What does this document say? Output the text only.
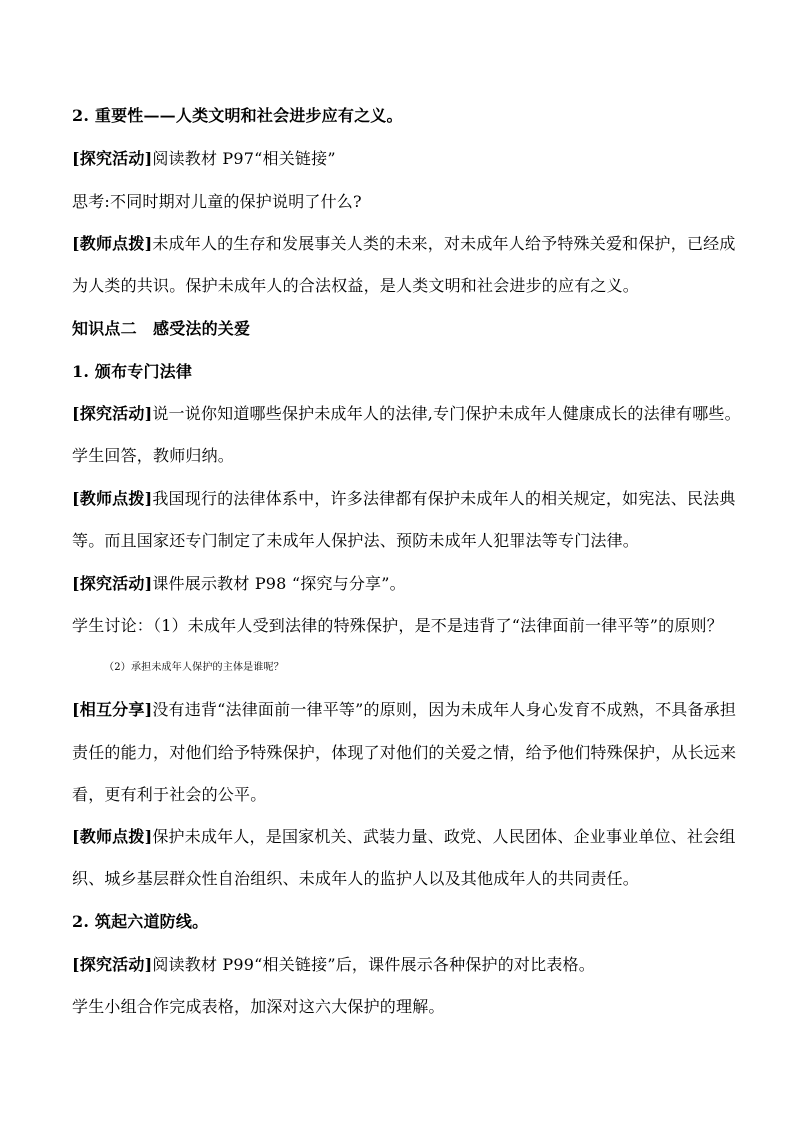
2. 重要性——人类文明和社会进步应有之义。
[探究活动]阅读教材 P97“相关链接”
思考:不同时期对儿童的保护说明了什么?
[教师点拨]未成年人的生存和发展事关人类的未来，对未成年人给予特殊关爱和保护，已经成
为人类的共识。保护未成年人的合法权益，是人类文明和社会进步的应有之义。
知识点二　感受法的关爱
1. 颁布专门法律
[探究活动]说一说你知道哪些保护未成年人的法律,专门保护未成年人健康成长的法律有哪些。
学生回答，教师归纳。
[教师点拨]我国现行的法律体系中，许多法律都有保护未成年人的相关规定，如宪法、民法典
等。而且国家还专门制定了未成年人保护法、预防未成年人犯罪法等专门法律。
[探究活动]课件展示教材 P98 “探究与分享”。
学生讨论：（1）未成年人受到法律的特殊保护，是不是违背了“法律面前一律平等”的原则？
（2）承担未成年人保护的主体是谁呢？
[相互分享]没有违背“法律面前一律平等”的原则，因为未成年人身心发育不成熟，不具备承担
责任的能力，对他们给予特殊保护，体现了对他们的关爱之情，给予他们特殊保护，从长远来
看，更有利于社会的公平。
[教师点拨]保护未成年人，是国家机关、武装力量、政党、人民团体、企业事业单位、社会组
织、城乡基层群众性自治组织、未成年人的监护人以及其他成年人的共同责任。
2. 筑起六道防线。
[探究活动]阅读教材 P99“相关链接”后，课件展示各种保护的对比表格。
学生小组合作完成表格，加深对这六大保护的理解。
